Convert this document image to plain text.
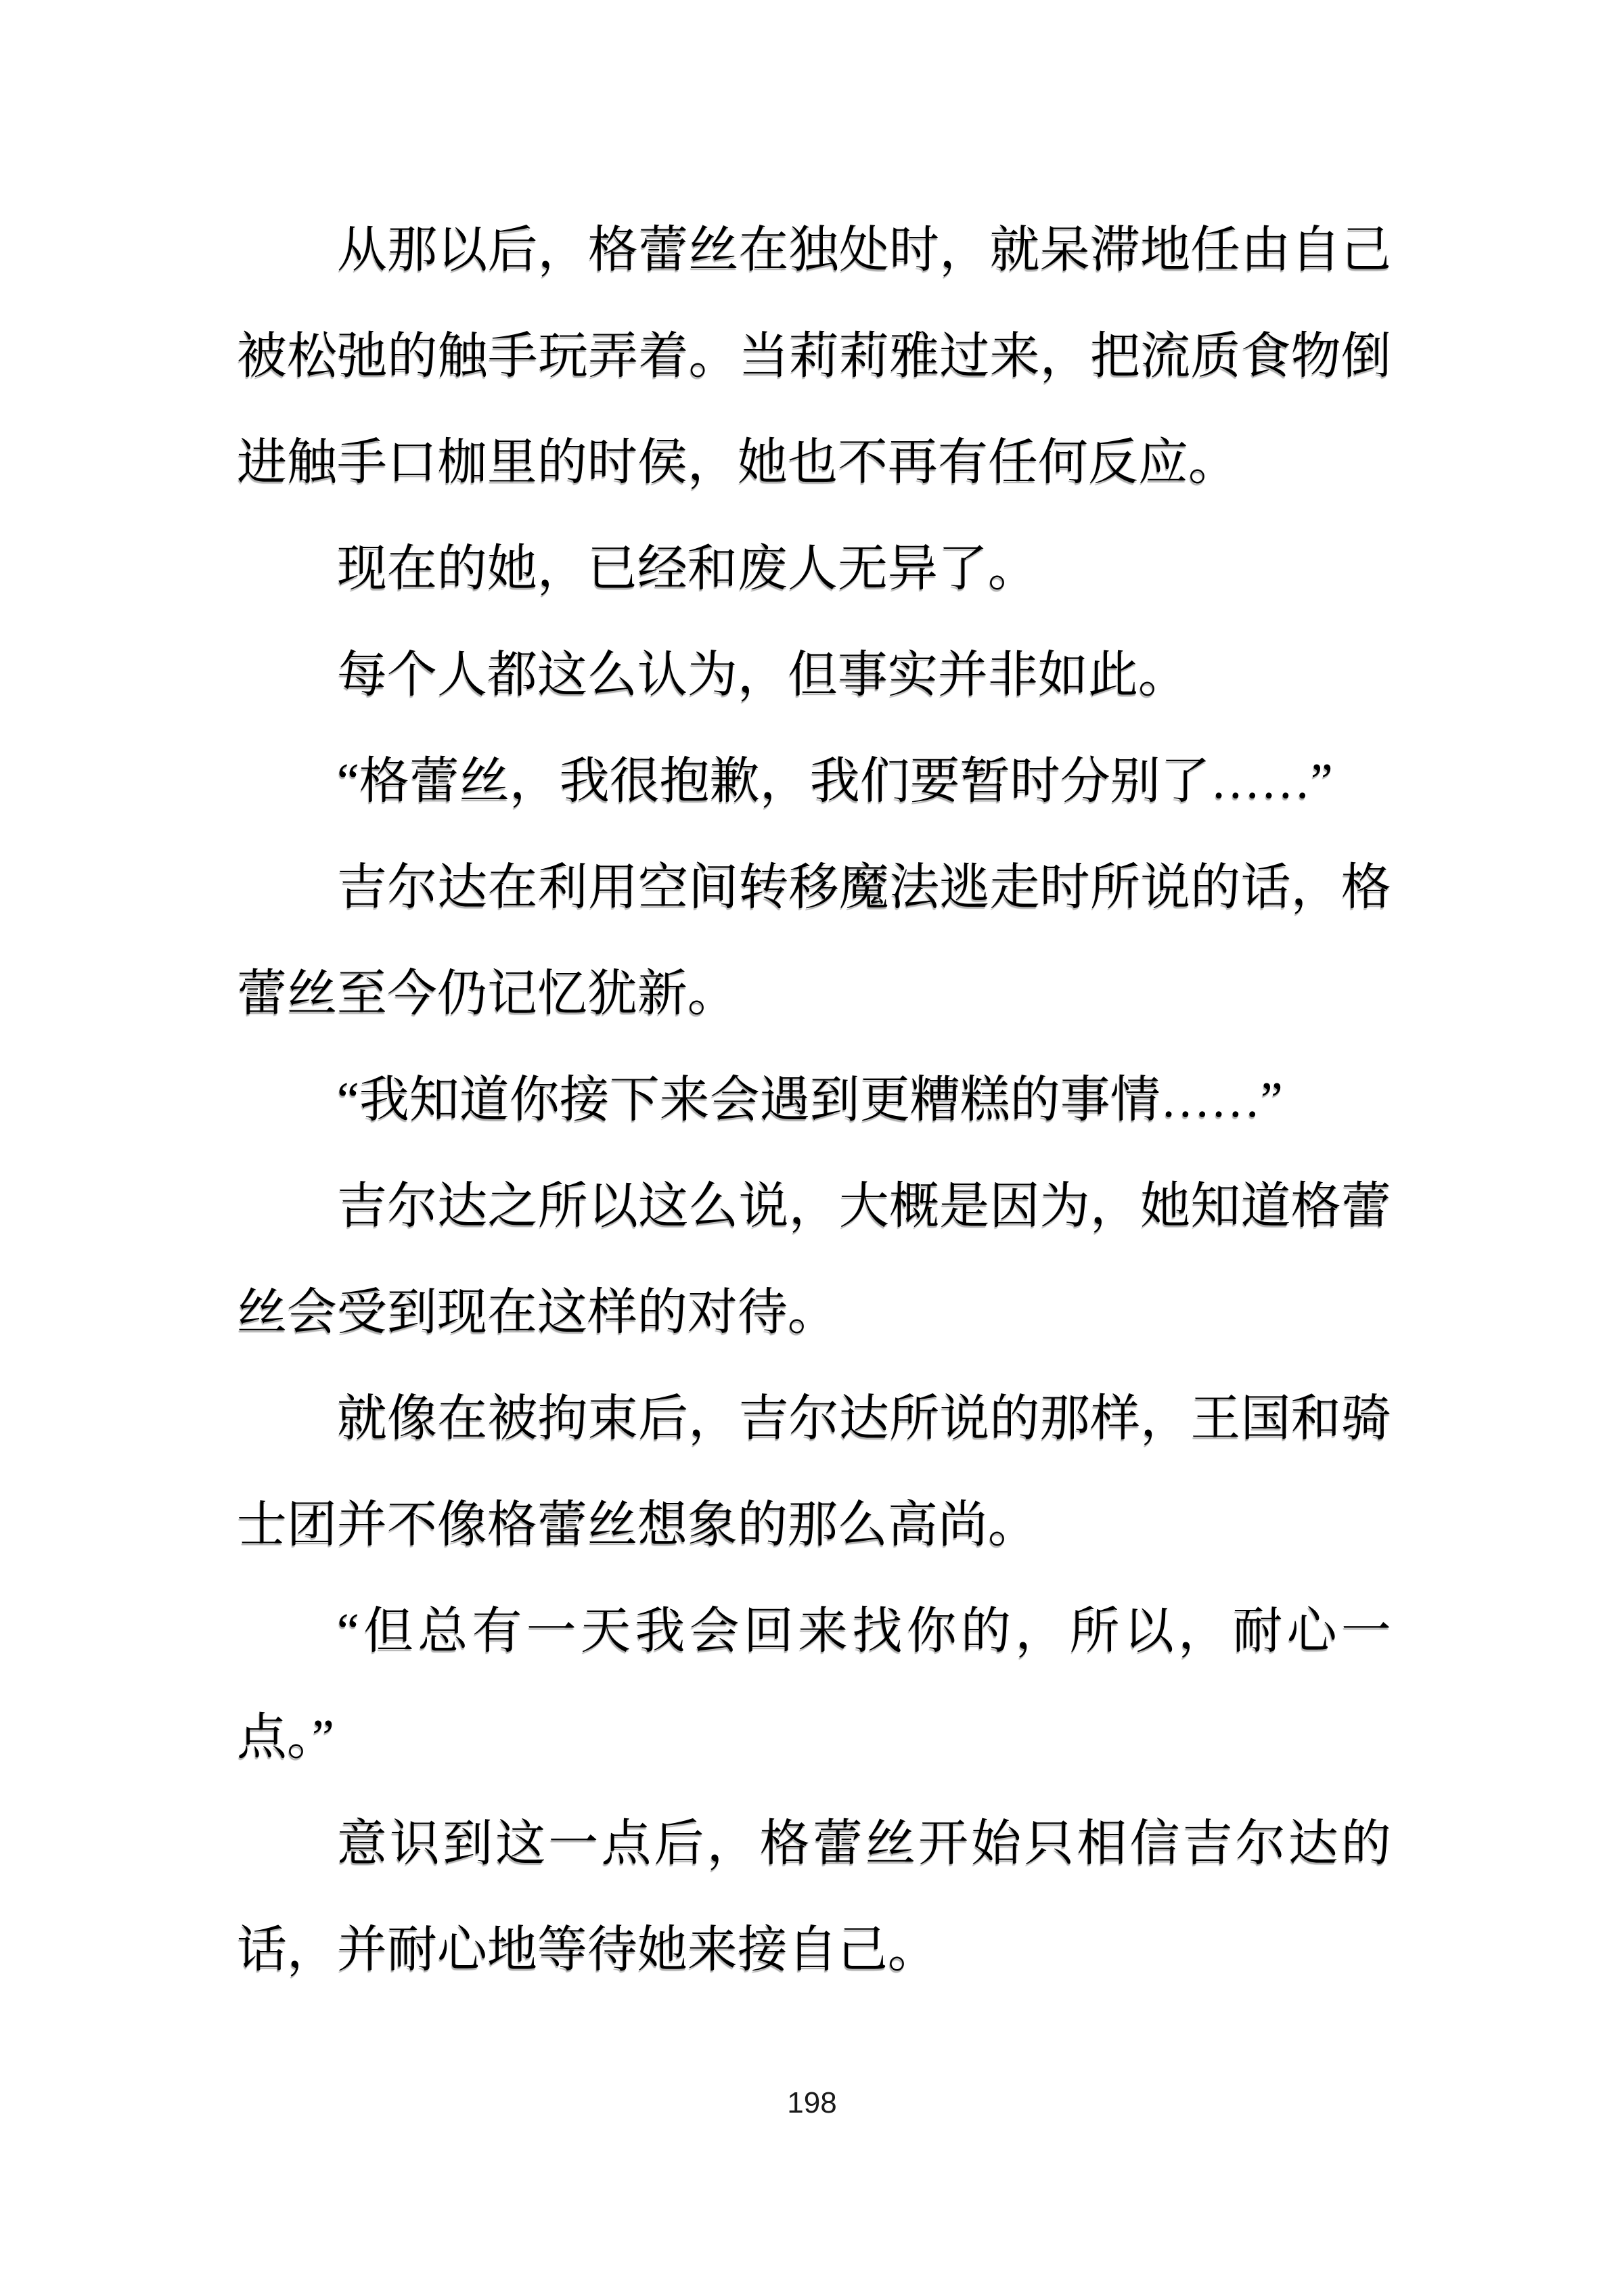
从那以后，格蕾丝在独处时，就呆滞地任由自己被松弛的触手玩弄着。当莉莉雅过来，把流质食物倒进触手口枷里的时侯，她也不再有任何反应。

现在的她，已经和废人无异了。

每个人都这么认为，但事实并非如此。

“格蕾丝，我很抱歉，我们要暂时分别了……”

吉尔达在利用空间转移魔法逃走时所说的话，格蕾丝至今仍记忆犹新。

“我知道你接下来会遇到更糟糕的事情……”

吉尔达之所以这么说，大概是因为，她知道格蕾丝会受到现在这样的对待。

就像在被拘束后，吉尔达所说的那样，王国和骑士团并不像格蕾丝想象的那么高尚。

“但总有一天我会回来找你的，所以，耐心一点。”

意识到这一点后，格蕾丝开始只相信吉尔达的话，并耐心地等待她来接自己。

198
